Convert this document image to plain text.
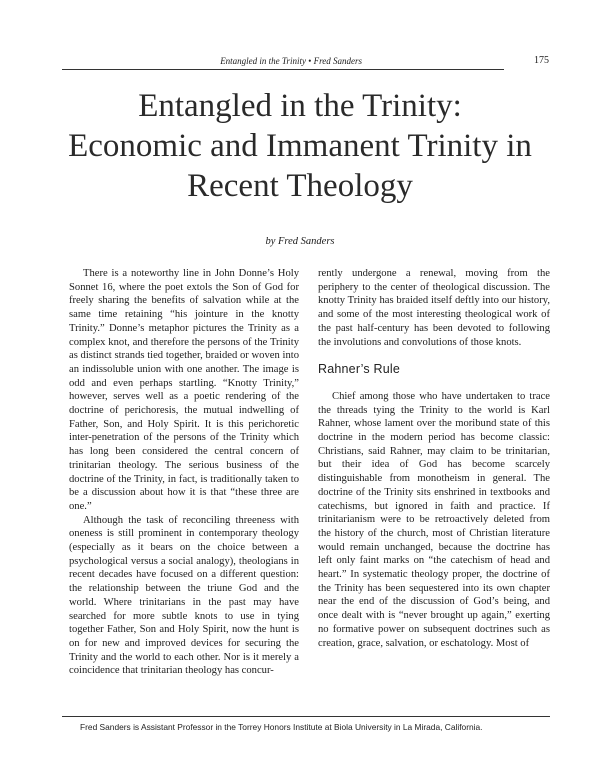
Entangled in the Trinity • Fred Sanders	175
Entangled in the Trinity:
Economic and Immanent Trinity in
Recent Theology
by Fred Sanders

There is a noteworthy line in John Donne’s Holy Sonnet 16, where the poet extols the Son of God for freely sharing the benefits of salvation while at the same time retaining “his jointure in the knotty Trinity.” Donne’s metaphor pictures the Trinity as a complex knot, and therefore the persons of the Trinity as distinct strands tied together, braided or woven into an indissoluble union with one another. The image is odd and even perhaps startling. “Knotty Trinity,” however, serves well as a poetic rendering of the doctrine of perichoresis, the mutual indwelling of Father, Son, and Holy Spirit. It is this perichoretic inter-penetration of the persons of the Trinity which has long been considered the central concern of trinitarian theology. The serious business of the doctrine of the Trinity, in fact, is traditionally taken to be a discussion about how it is that “these three are one.”

Although the task of reconciling threeness with oneness is still prominent in contemporary theology (especially as it bears on the choice between a psychological versus a social analogy), theologians in recent decades have focused on a different question: the relationship between the triune God and the world. Where trinitarians in the past may have searched for more subtle knots to use in tying together Father, Son and Holy Spirit, now the hunt is on for new and improved devices for securing the Trinity and the world to each other. Nor is it merely a coincidence that trinitarian theology has concur-

rently undergone a renewal, moving from the periphery to the center of theological discussion. The knotty Trinity has braided itself deftly into our history, and some of the most interesting theological work of the past half-century has been devoted to following the involutions and convolutions of those knots.

Rahner’s Rule

Chief among those who have undertaken to trace the threads tying the Trinity to the world is Karl Rahner, whose lament over the moribund state of this doctrine in the modern period has become classic: Christians, said Rahner, may claim to be trinitarian, but their idea of God has become scarcely distinguishable from monotheism in general. The doctrine of the Trinity sits enshrined in textbooks and catechisms, but ignored in faith and practice. If trinitarianism were to be retroactively deleted from the history of the church, most of Christian literature would remain unchanged, because the doctrine has left only faint marks on “the catechism of head and heart.” In systematic theology proper, the doctrine of the Trinity has been sequestered into its own chapter near the end of the discussion of God’s being, and once dealt with is “never brought up again,” exerting no formative power on subsequent doctrines such as creation, grace, salvation, or eschatology. Most of

Fred Sanders is Assistant Professor in the Torrey Honors Institute at Biola University in La Mirada, California.
